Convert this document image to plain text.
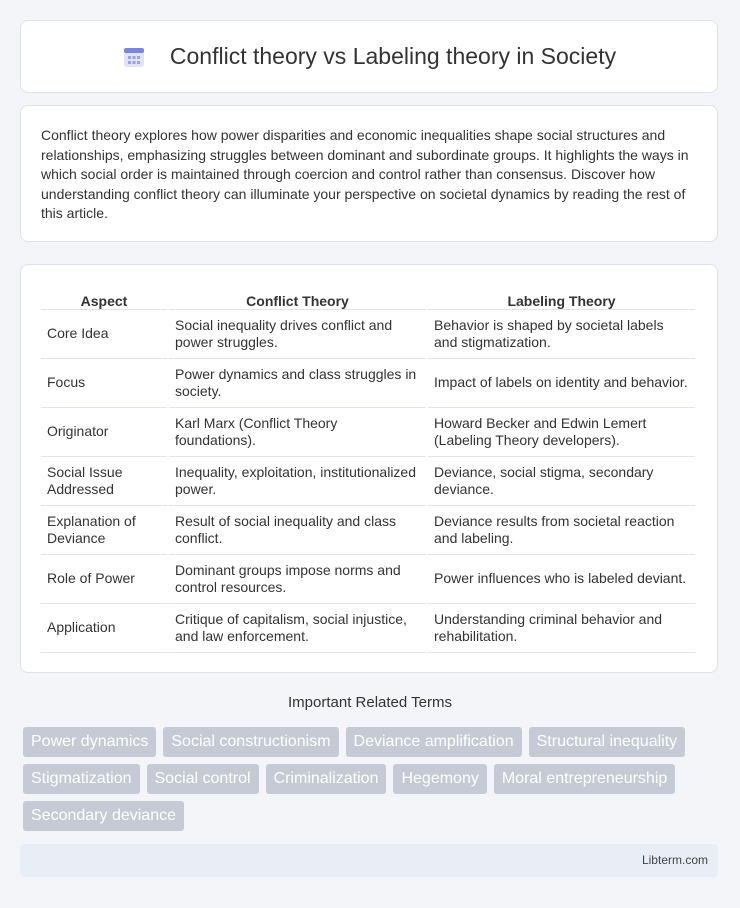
Conflict theory vs Labeling theory in Society

Conflict theory explores how power disparities and economic inequalities shape social structures and relationships, emphasizing struggles between dominant and subordinate groups. It highlights the ways in which social order is maintained through coercion and control rather than consensus. Discover how understanding conflict theory can illuminate your perspective on societal dynamics by reading the rest of this article.

Aspect	Conflict Theory	Labeling Theory
Core Idea	Social inequality drives conflict and power struggles.	Behavior is shaped by societal labels and stigmatization.
Focus	Power dynamics and class struggles in society.	Impact of labels on identity and behavior.
Originator	Karl Marx (Conflict Theory foundations).	Howard Becker and Edwin Lemert (Labeling Theory developers).
Social Issue Addressed	Inequality, exploitation, institutionalized power.	Deviance, social stigma, secondary deviance.
Explanation of Deviance	Result of social inequality and class conflict.	Deviance results from societal reaction and labeling.
Role of Power	Dominant groups impose norms and control resources.	Power influences who is labeled deviant.
Application	Critique of capitalism, social injustice, and law enforcement.	Understanding criminal behavior and rehabilitation.
Important Related Terms
Power dynamics	Social constructionism	Deviance amplification	Structural inequality
Stigmatization	Social control	Criminalization	Hegemony	Moral entrepreneurship
Secondary deviance
Libterm.com
